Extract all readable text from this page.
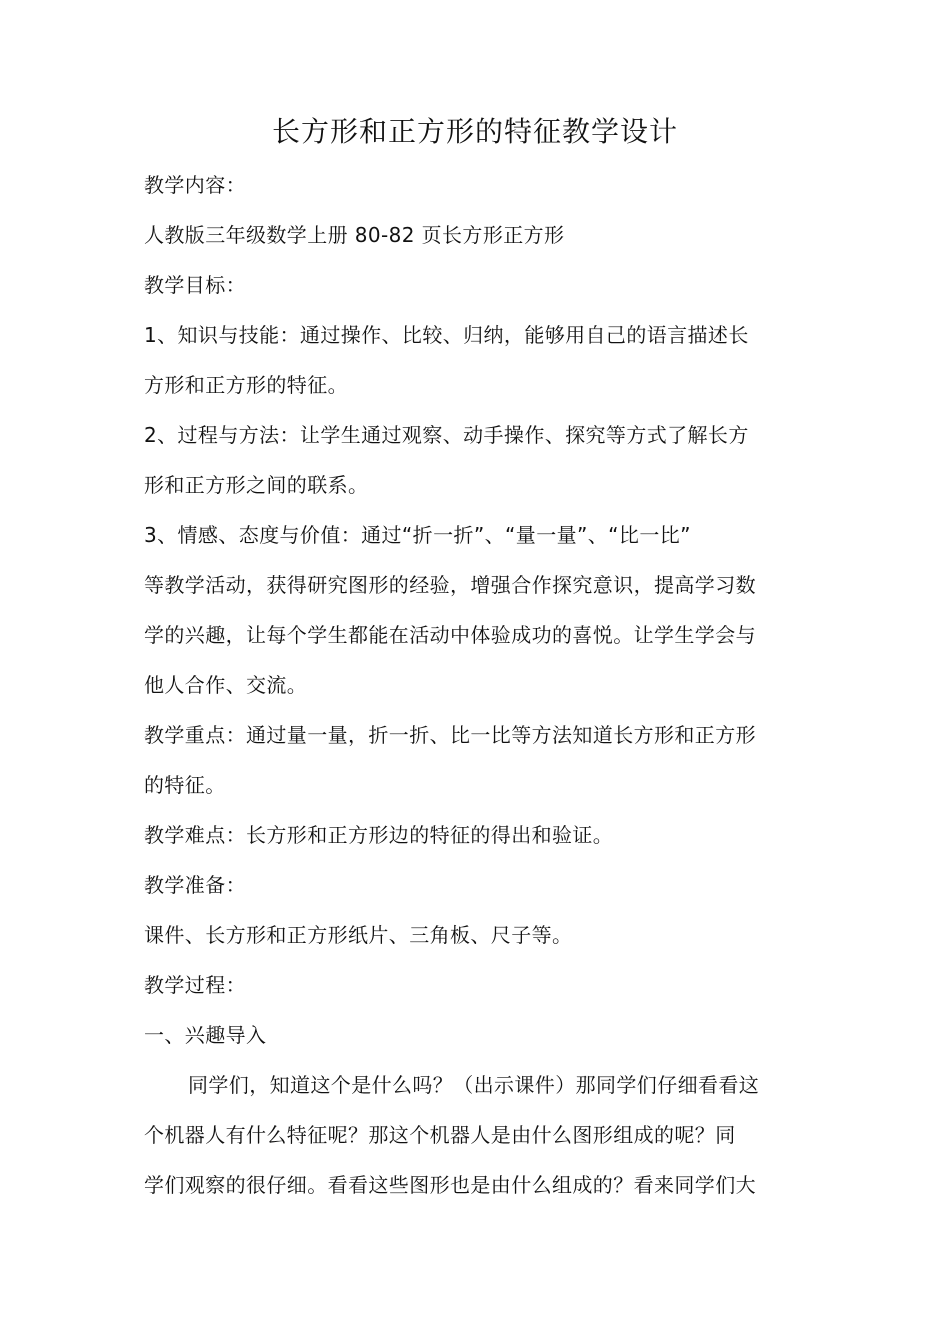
长方形和正方形的特征教学设计

教学内容：

人教版三年级数学上册 80-82 页长方形正方形

教学目标：

1、知识与技能：通过操作、比较、归纳，能够用自己的语言描述长

方形和正方形的特征。

2、过程与方法：让学生通过观察、动手操作、探究等方式了解长方

形和正方形之间的联系。

3、情感、态度与价值：通过“折一折”、“量一量”、“比一比”

等教学活动，获得研究图形的经验，增强合作探究意识，提高学习数

学的兴趣，让每个学生都能在活动中体验成功的喜悦。让学生学会与

他人合作、交流。

教学重点：通过量一量，折一折、比一比等方法知道长方形和正方形

的特征。

教学难点：长方形和正方形边的特征的得出和验证。

教学准备：

课件、长方形和正方形纸片、三角板、尺子等。

教学过程：

一、兴趣导入

同学们，知道这个是什么吗？（出示课件）那同学们仔细看看这

个机器人有什么特征呢？那这个机器人是由什么图形组成的呢？同

学们观察的很仔细。看看这些图形也是由什么组成的？看来同学们大
